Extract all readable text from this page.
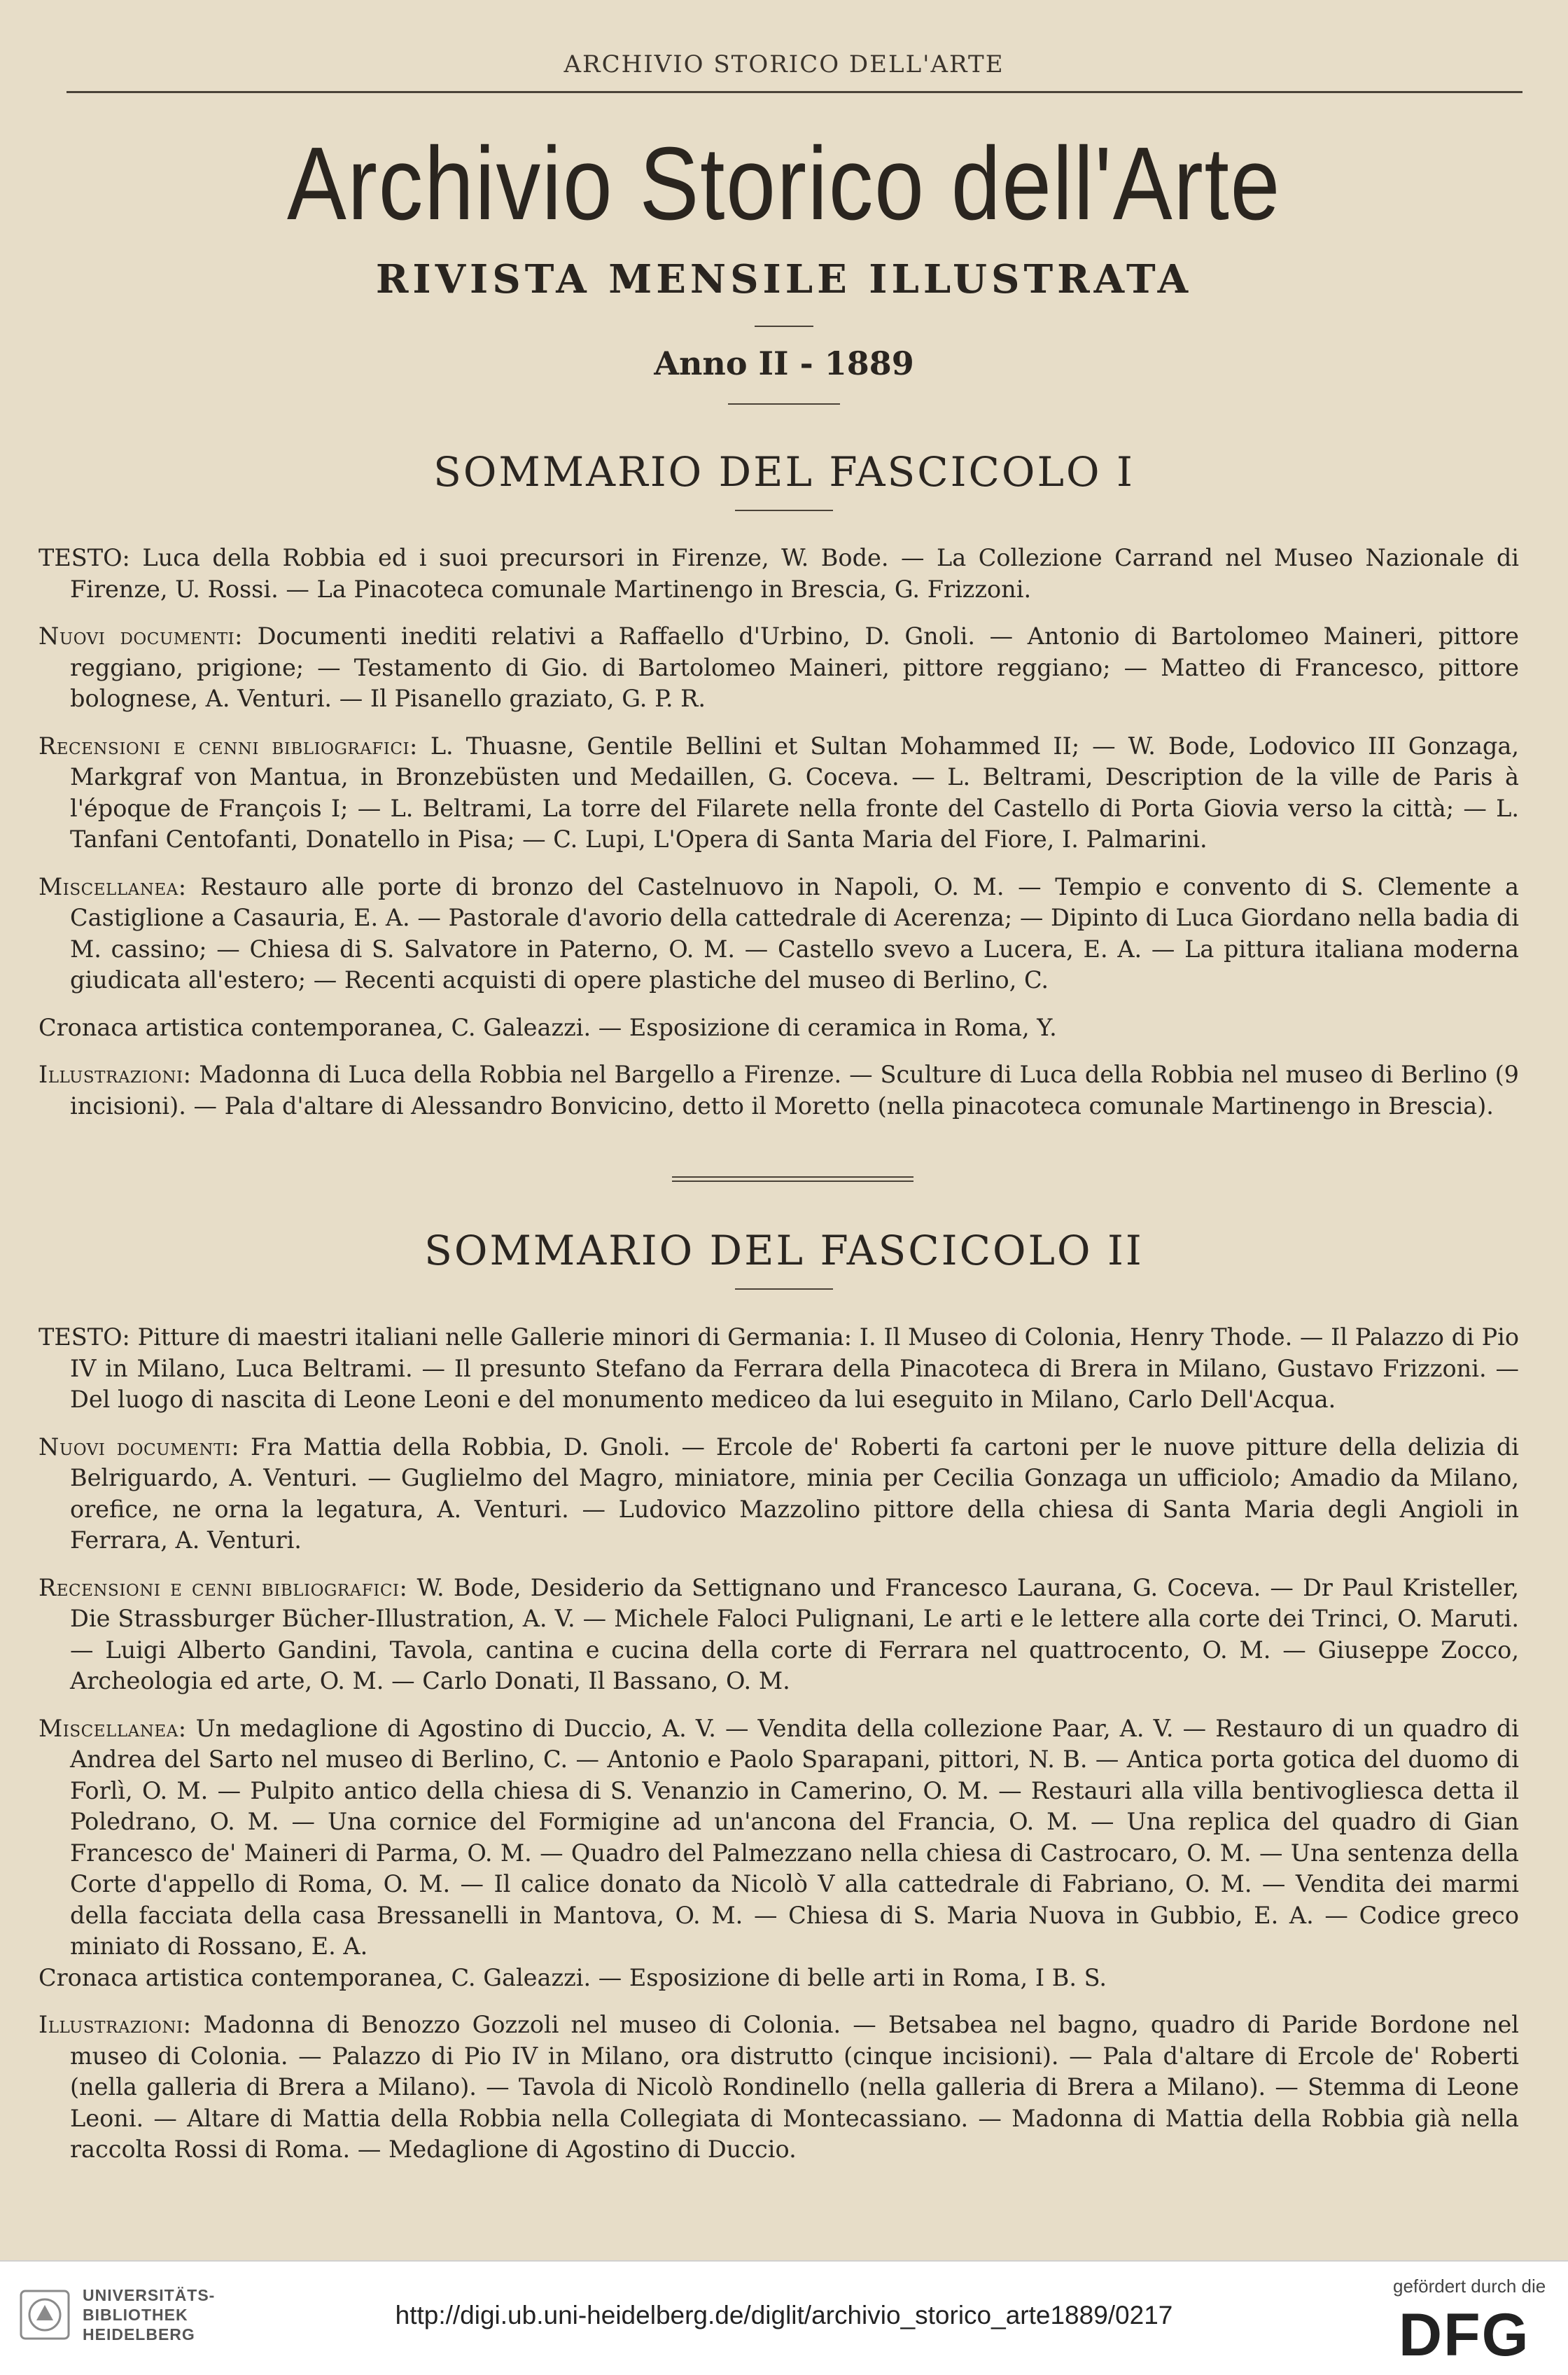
ARCHIVIO STORICO DELL'ARTE
Archivio Storico dell'Arte
RIVISTA MENSILE ILLUSTRATA
Anno II - 1889
SOMMARIO DEL FASCICOLO I

TESTO: Luca della Robbia ed i suoi precursori in Firenze, W. Bode. — La Collezione Carrand nel Museo Nazionale di Firenze, U. Rossi. — La Pinacoteca comunale Martinengo in Brescia, G. Frizzoni.

Nuovi documenti: Documenti inediti relativi a Raffaello d'Urbino, D. Gnoli. — Antonio di Bartolomeo Maineri, pittore reggiano, prigione; — Testamento di Gio. di Bartolomeo Maineri, pittore reggiano; — Matteo di Francesco, pittore bolognese, A. Venturi. — Il Pisanello graziato, G. P. R.

Recensioni e cenni bibliografici: L. Thuasne, Gentile Bellini et Sultan Mohammed II; — W. Bode, Lodovico III Gonzaga, Markgraf von Mantua, in Bronzebüsten und Medaillen, G. Coceva. — L. Beltrami, Description de la ville de Paris à l'époque de François I; — L. Beltrami, La torre del Filarete nella fronte del Castello di Porta Giovia verso la città; — L. Tanfani Centofanti, Donatello in Pisa; — C. Lupi, L'Opera di Santa Maria del Fiore, I. Palmarini.

Miscellanea: Restauro alle porte di bronzo del Castelnuovo in Napoli, O. M. — Tempio e convento di S. Clemente a Castiglione a Casauria, E. A. — Pastorale d'avorio della cattedrale di Acerenza; — Dipinto di Luca Giordano nella badia di M. cassino; — Chiesa di S. Salvatore in Paterno, O. M. — Castello svevo a Lucera, E. A. — La pittura italiana moderna giudicata all'estero; — Recenti acquisti di opere plastiche del museo di Berlino, C.

Cronaca artistica contemporanea, C. Galeazzi. — Esposizione di ceramica in Roma, Y.

Illustrazioni: Madonna di Luca della Robbia nel Bargello a Firenze. — Sculture di Luca della Robbia nel museo di Berlino (9 incisioni). — Pala d'altare di Alessandro Bonvicino, detto il Moretto (nella pinacoteca comunale Martinengo in Brescia).

SOMMARIO DEL FASCICOLO II

TESTO: Pitture di maestri italiani nelle Gallerie minori di Germania: I. Il Museo di Colonia, Henry Thode. — Il Palazzo di Pio IV in Milano, Luca Beltrami. — Il presunto Stefano da Ferrara della Pinacoteca di Brera in Milano, Gustavo Frizzoni. — Del luogo di nascita di Leone Leoni e del monumento mediceo da lui eseguito in Milano, Carlo Dell'Acqua.

Nuovi documenti: Fra Mattia della Robbia, D. Gnoli. — Ercole de' Roberti fa cartoni per le nuove pitture della delizia di Belriguardo, A. Venturi. — Guglielmo del Magro, miniatore, minia per Cecilia Gonzaga un ufficiolo; Amadio da Milano, orefice, ne orna la legatura, A. Venturi. — Ludovico Mazzolino pittore della chiesa di Santa Maria degli Angioli in Ferrara, A. Venturi.

Recensioni e cenni bibliografici: W. Bode, Desiderio da Settignano und Francesco Laurana, G. Coceva. — Dr Paul Kristeller, Die Strassburger Bücher-Illustration, A. V. — Michele Faloci Pulignani, Le arti e le lettere alla corte dei Trinci, O. Maruti. — Luigi Alberto Gandini, Tavola, cantina e cucina della corte di Ferrara nel quattrocento, O. M. — Giuseppe Zocco, Archeologia ed arte, O. M. — Carlo Donati, Il Bassano, O. M.

Miscellanea: Un medaglione di Agostino di Duccio, A. V. — Vendita della collezione Paar, A. V. — Restauro di un quadro di Andrea del Sarto nel museo di Berlino, C. — Antonio e Paolo Sparapani, pittori, N. B. — Antica porta gotica del duomo di Forlì, O. M. — Pulpito antico della chiesa di S. Venanzio in Camerino, O. M. — Restauri alla villa bentivogliesca detta il Poledrano, O. M. — Una cornice del Formigine ad un'ancona del Francia, O. M. — Una replica del quadro di Gian Francesco de' Maineri di Parma, O. M. — Quadro del Palmezzano nella chiesa di Castrocaro, O. M. — Una sentenza della Corte d'appello di Roma, O. M. — Il calice donato da Nicolò V alla cattedrale di Fabriano, O. M. — Vendita dei marmi della facciata della casa Bressanelli in Mantova, O. M. — Chiesa di S. Maria Nuova in Gubbio, E. A. — Codice greco miniato di Rossano, E. A.

Cronaca artistica contemporanea, C. Galeazzi. — Esposizione di belle arti in Roma, I B. S.

Illustrazioni: Madonna di Benozzo Gozzoli nel museo di Colonia. — Betsabea nel bagno, quadro di Paride Bordone nel museo di Colonia. — Palazzo di Pio IV in Milano, ora distrutto (cinque incisioni). — Pala d'altare di Ercole de' Roberti (nella galleria di Brera a Milano). — Tavola di Nicolò Rondinello (nella galleria di Brera a Milano). — Stemma di Leone Leoni. — Altare di Mattia della Robbia nella Collegiata di Montecassiano. — Madonna di Mattia della Robbia già nella raccolta Rossi di Roma. — Medaglione di Agostino di Duccio.

UNIVERSITÄTS-
BIBLIOTHEK
HEIDELBERG
http://digi.ub.uni-heidelberg.de/diglit/archivio_storico_arte1889/0217
gefördert durch die
DFG
